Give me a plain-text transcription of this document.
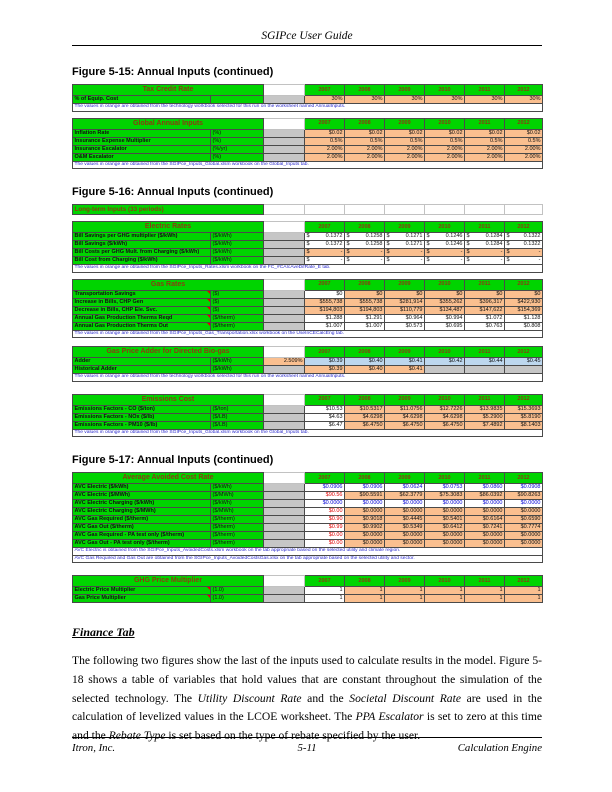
SGIPce User Guide
Figure 5-15: Annual Inputs (continued)
Tax Credit Rate			2007	2008	2009	2010	2011	2012
% of Equip. Cost			30%	30%	30%	30%	30%	30%
The values in orange are obtained from the technology workbook selected for this run on the worksheet named AnnualInputs.								
Global Annual Inputs			2007	2008	2009	2010	2011	2012
Inflation Rate	(%)		$0.02	$0.02	$0.02	$0.02	$0.02	$0.02
Insurance Expense Multiplier	(%)		0.5%	0.5%	0.5%	0.5%	0.5%	0.5%
Insurance Escalator	(%/yr)		2.00%	2.00%	2.00%	2.00%	2.00%	2.00%
O&M Escalator	(%)		2.00%	2.00%	2.00%	2.00%	2.00%	2.00%
The values in orange are obtained from the SGIPce_Inputs_Global.xlsm workbook on the Global_Inputs tab.								
Figure 5-16: Annual Inputs (continued)
Long-term Inputs (33 periods)							
Electric Rates			2007	2008	2009	2010	2011	2012
Bill Savings per GHG multiplier ($/kWh)	($/kWh)		$ 0.1372	$ 0.1258	$ 0.1271	$ 0.1246	$ 0.1284	$ 0.1322

Bill Savings ($/kWh)	($/kWh)		$ 0.1372	$ 0.1258	$ 0.1271	$ 0.1246	$ 0.1284	$ 0.1322

Bill Costs per GHG Mult. from Charging ($/kWh)	($/kWh)		$ -	$ -	$ -	$ -	$ -	$ -

Bill Cost from Charging ($/kWh)	($/kWh)		$ -	$ -	$ -	$ -	$ -	$ -

The values in orange are obtained from the SGIPce_Inputs_Rates.xlsm workbook on the FC_#CAIcAveDifRate_E tab.								
Gas Rates			2007	2008	2009	2010	2011	2012
Transportation Savings	($)		$0	$0	$0	$0	$0	$0
Increase in Bills, CHP Gen	($)		$555,738	$555,738	$281,914	$355,262	$396,317	$422,930
Decrease in Bills, CHP Ele. Svc.	($)		$194,803	$194,803	$110,779	$134,487	$147,622	$154,369
Annual Gas Production Therms Reqd	($/therm)		$1.288	$1.291	$0.964	$0.994	$1.072	$1.128
Annual Gas Production Therms Out	($/therm)		$1.007	$1.007	$0.573	$0.695	$0.763	$0.808
The values in orange are obtained from the SGIPce_Inputs_Gas_Transportation.xlsx workbook on the UseInCECalcEng tab.								
Gas Price Adder for Directed Bio-gas			2007	2008	2009	2010	2011	2012
Adder	($/kWh)	2.509%	$0.39	$0.40	$0.41	$0.42	$0.44	$0.45
Historical Adder	($/kWh)		$0.39	$0.40	$0.41			
The values in orange are obtained from the technology workbook selected for this run on the worksheet named AnnualInputs.								
Emissions Cost			2007	2008	2009	2010	2011	2012
Emissions Factors - CO ($/ton)	($/ton)		$10.53	$10.5317	$11.0756	$12.7226	$13.9835	$15.3693
Emissions Factors - NOx ($/lb)	($/LB)		$4.63	$4.6298	$4.6298	$4.6298	$5.2900	$5.8190
Emissions Factors - PM10 ($/lb)	($/LB)		$6.47	$6.4750	$6.4750	$6.4750	$7.4892	$8.1403
The values in orange are obtained from the SGIPce_Inputs_Global.xlsm workbook on the Global_Inputs tab.								
Figure 5-17: Annual Inputs (continued)
Average Avoided Cost Rate			2007	2008	2009	2010	2011	2012
AVC Electric ($/kWh)	($/kWh)		$0.0906	$0.0906	$0.0624	$0.0753	$0.0860	$0.0908
AVC Electric ($/MWh)	($/MWh)		$90.56	$90.5591	$62.3779	$75.3083	$86.0392	$90.8263
AVC Electric Charging ($/kWh)	($/kWh)		$0.0000	$0.0000	$0.0000	$0.0000	$0.0000	$0.0000
AVC Electric Charging ($/MWh)	($/MWh)		$0.00	$0.0000	$0.0000	$0.0000	$0.0000	$0.0000
AVC Gas Required ($/therm)	($/therm)		$0.90	$0.9018	$0.4445	$0.5401	$0.6164	$0.6590
AVC Gas Out ($/therm)	($/therm)		$0.99	$0.9902	$0.5349	$0.6412	$0.7241	$0.7774
AVC Gas Required - PA test only ($/therm)	($/therm)		$0.00	$0.0000	$0.0000	$0.0000	$0.0000	$0.0000
AVC Gas Out - PA test only ($/therm)	($/therm)		$0.00	$0.0000	$0.0000	$0.0000	$0.0000	$0.0000
AVC Electric is obtained from the SGIPce_Inputs_AvoidedCosts.xlsm workbook on the tab appropriate based on the selected utility and climate region.								
AVC Gas Required and Gas Out are obtained from the SGIPce_Inputs_AvoidedCostsGas.xlsx on the tab appropriate based on the selected utility and sector.								
GHG Price Multiplier			2007	2008	2009	2010	2011	2012
Electric Price Multiplier	(1.0)		1	1	1	1	1	1
Gas Price Multiplier	(1.0)		1	1	1	1	1	1
Finance Tab
The following two figures show the last of the inputs used to calculate results in the model. Figure 5-18 shows a table of variables that hold values that are constant throughout the simulation of the selected technology. The Utility Discount Rate and the Societal Discount Rate are used in the calculation of levelized values in the LCOE worksheet. The PPA Escalator is set to zero at this time and the Rebate Type is set based on the type of rebate specified by the user.
Itron, Inc.	5-11	Calculation Engine
